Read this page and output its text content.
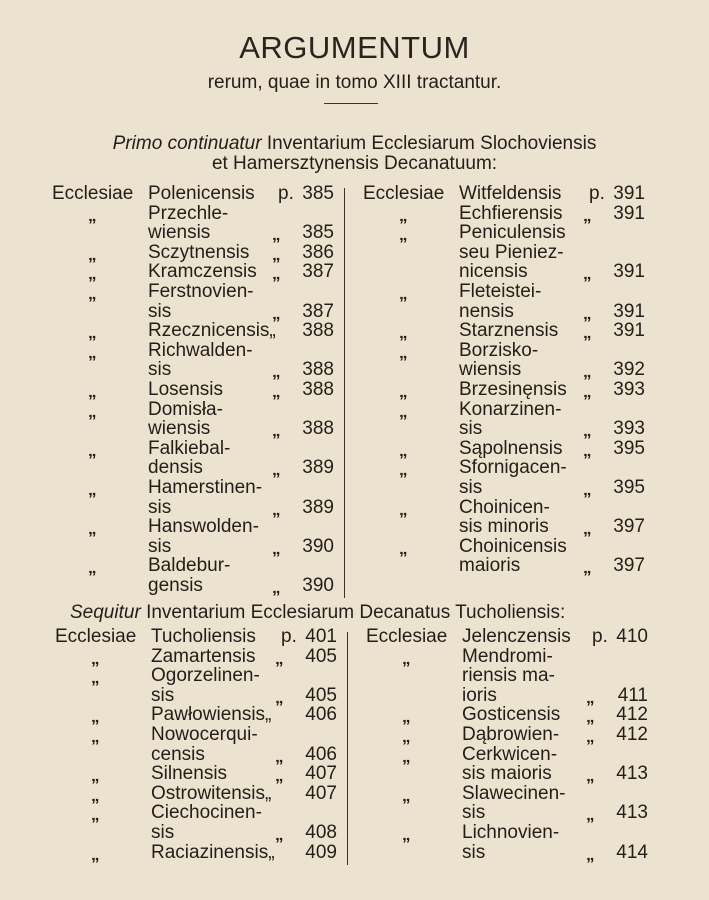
ARGUMENTUM
rerum, quae in tomo XIII tractantur.
Primo continuatur Inventarium Ecclesiarum Slochoviensis
et Hamersztynensis Decanatuum:
Ecclesiae Polenicensis p. 385
„	Przechle-
wiensis	„	385
„	Sczytnensis „	386
„	Kramczensis „	387
„	Ferstnovien-
sis	„	387
„	Rzecznicensis„	388
„	Richwalden-
sis	„	388
„	Losensis	„	388
„	Domisła-
wiensis	„	388
„	Falkiebal-
densis	„	389
„	Hamerstinen-
sis	„	389
„	Hanswolden-
sis	„	390
„	Baldebur-
gensis	„	390
Ecclesiae Witfeldensis p. 391
„	Echfierensis „	391
„	Peniculensis
seu Pieniez-
nicensis	„	391
„	Fleteistei-
nensis	„	391
„	Starznensis „	391
„	Borzisko-
wiensis	„	392
„	Brzesinęnsis „	393
„	Konarzinen-
sis	„	393
„	Sąpolnensis „	395
„	Sfornigacen-
sis	„	395
„	Choinicen-
sis minoris „	397
„	Choinicensis
maioris	„	397
Sequitur Inventarium Ecclesiarum Decanatus Tucholiensis:
Ecclesiae Tucholiensis p. 401
„	Zamartensis „	405
„	Ogorzelinen-
sis	„	405
„	Pawłowiensis„	406
„	Nowocerqui-
censis	„	406
„	Silnensis	„	407
„	Ostrowitensis„	407
„	Ciechocinen-
sis	„	408
„	Raciazinensis„	409
Ecclesiae Jelenczensis p. 410
„	Mendromi-
riensis ma-
ioris	„	411
„	Gosticensis „	412
„	Dąbrowien- „	412
„	Cerkwicen-
sis maioris „	413
„	Slawecinen-
sis	„	413
„	Lichnovien-
sis	„	414
